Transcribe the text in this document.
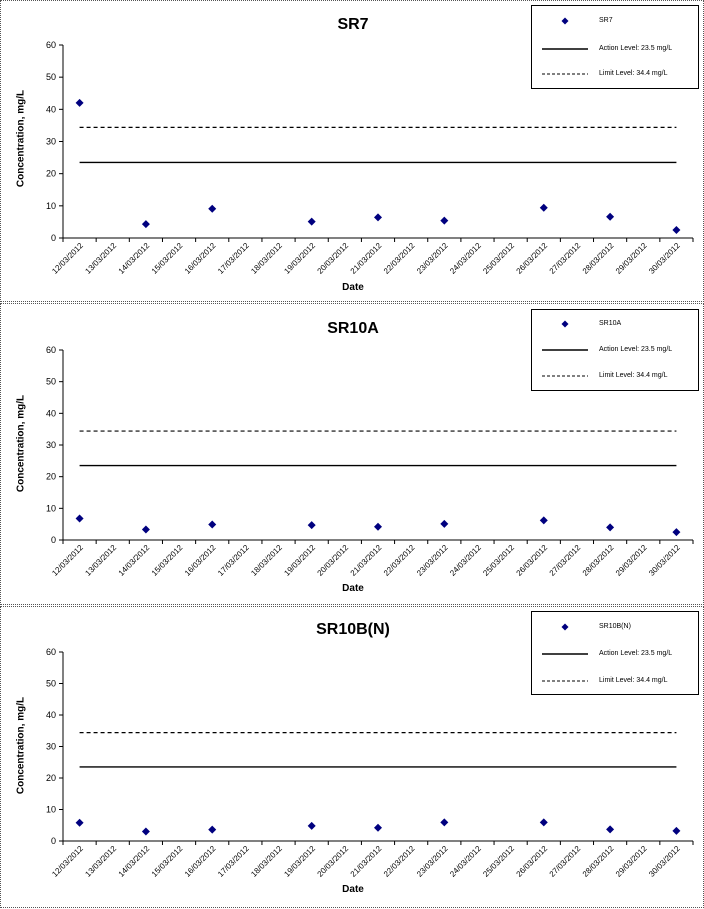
SR7
0
10
20
30
40
50
60
12/03/2012
13/03/2012
14/03/2012
15/03/2012
16/03/2012
17/03/2012
18/03/2012
19/03/2012
20/03/2012
21/03/2012
22/03/2012
23/03/2012
24/03/2012
25/03/2012
26/03/2012
27/03/2012
28/03/2012
29/03/2012
30/03/2012
Concentration, mg/L
Date
SR7
Action Level: 23.5 mg/L
Limit Level: 34.4 mg/L
SR10A
0
10
20
30
40
50
60
12/03/2012
13/03/2012
14/03/2012
15/03/2012
16/03/2012
17/03/2012
18/03/2012
19/03/2012
20/03/2012
21/03/2012
22/03/2012
23/03/2012
24/03/2012
25/03/2012
26/03/2012
27/03/2012
28/03/2012
29/03/2012
30/03/2012
Concentration, mg/L
Date
SR10A
Action Level: 23.5 mg/L
Limit Level: 34.4 mg/L
SR10B(N)
0
10
20
30
40
50
60
12/03/2012
13/03/2012
14/03/2012
15/03/2012
16/03/2012
17/03/2012
18/03/2012
19/03/2012
20/03/2012
21/03/2012
22/03/2012
23/03/2012
24/03/2012
25/03/2012
26/03/2012
27/03/2012
28/03/2012
29/03/2012
30/03/2012
Concentration, mg/L
Date
SR10B(N)
Action Level: 23.5 mg/L
Limit Level: 34.4 mg/L
